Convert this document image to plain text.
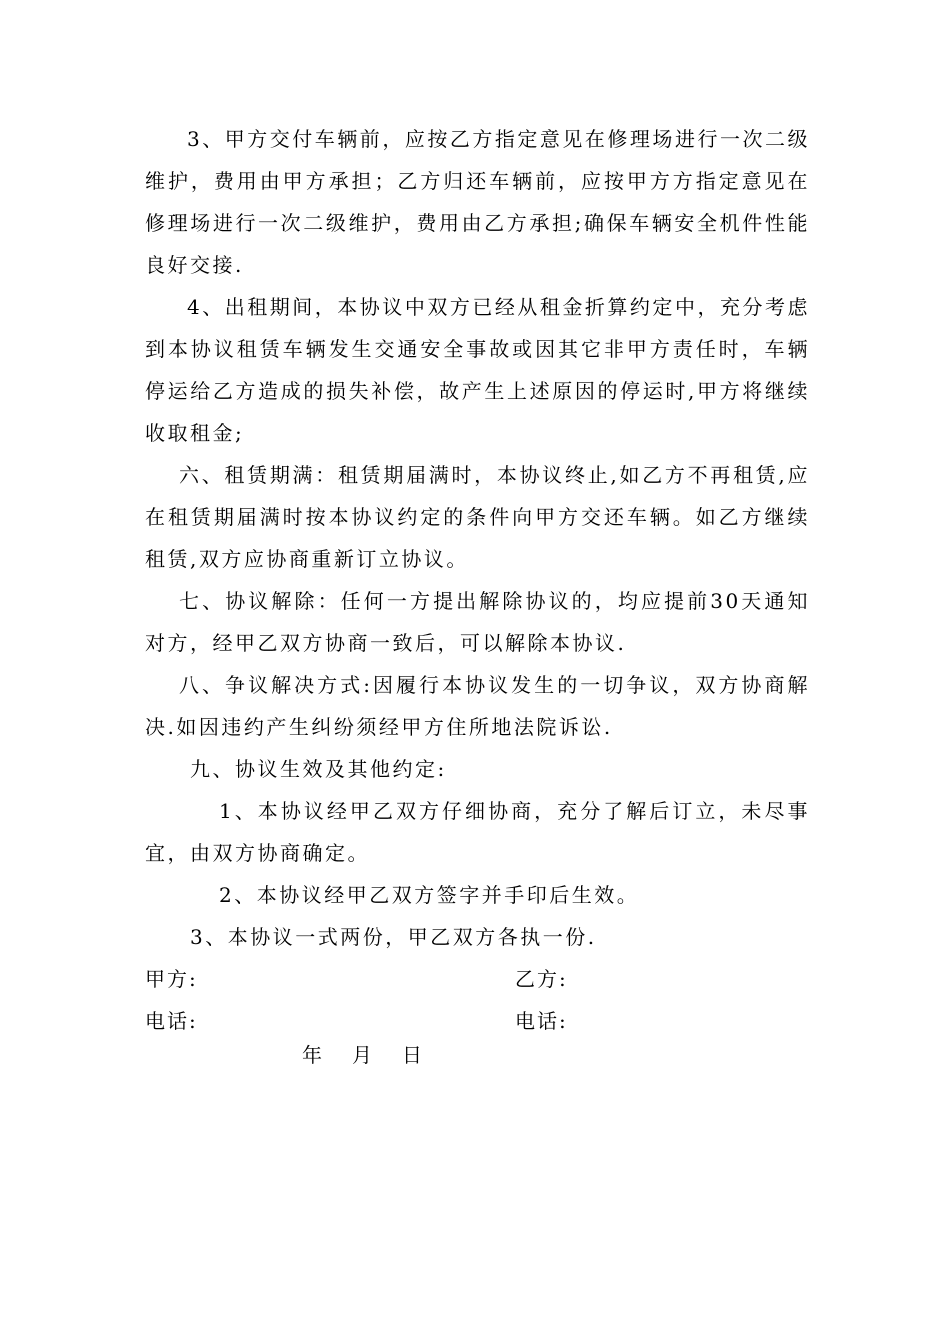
3、甲方交付车辆前，应按乙方指定意见在修理场进行一次二级维护，费用由甲方承担；乙方归还车辆前，应按甲方方指定意见在修理场进行一次二级维护，费用由乙方承担;确保车辆安全机件性能良好交接.

4、出租期间，本协议中双方已经从租金折算约定中，充分考虑到本协议租赁车辆发生交通安全事故或因其它非甲方责任时，车辆停运给乙方造成的损失补偿，故产生上述原因的停运时,甲方将继续收取租金;

六、租赁期满：租赁期届满时，本协议终止,如乙方不再租赁,应在租赁期届满时按本协议约定的条件向甲方交还车辆。如乙方继续租赁,双方应协商重新订立协议。

七、协议解除：任何一方提出解除协议的，均应提前30天通知对方，经甲乙双方协商一致后，可以解除本协议.

八、争议解决方式:因履行本协议发生的一切争议，双方协商解决.如因违约产生纠纷须经甲方住所地法院诉讼.

九、协议生效及其他约定:

1、本协议经甲乙双方仔细协商，充分了解后订立，未尽事宜，由双方协商确定。

2、本协议经甲乙双方签字并手印后生效。

3、本协议一式两份，甲乙双方各执一份.

甲方:	乙方:
电话:	电话:
年 月 日
